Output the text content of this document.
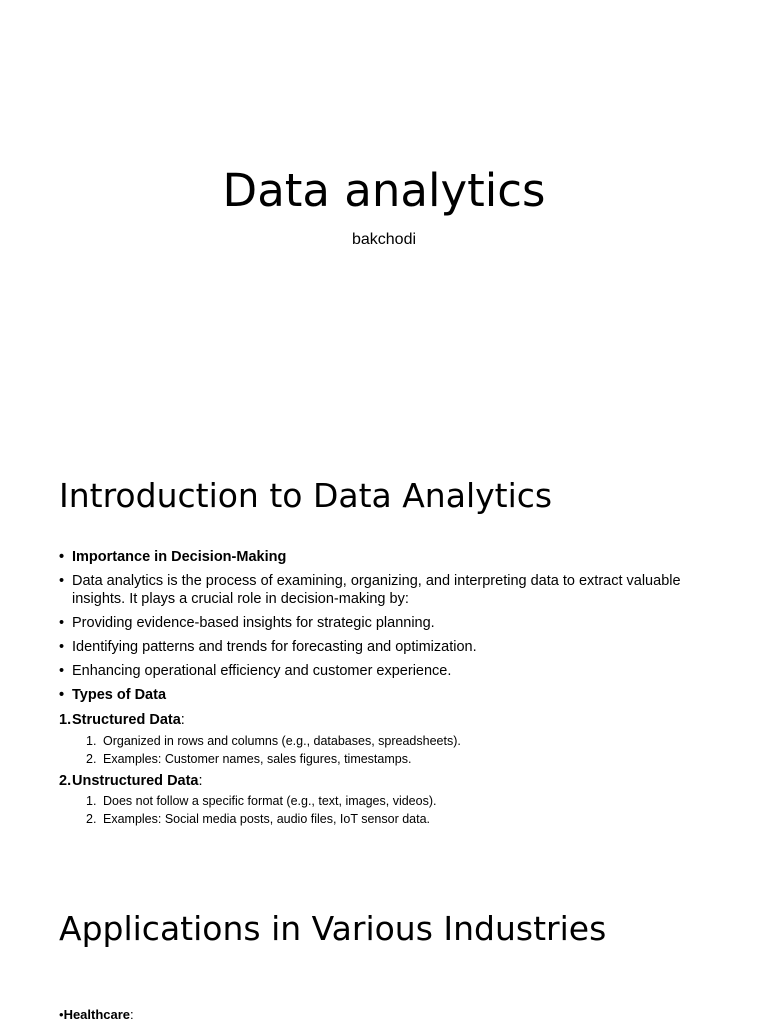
Data analytics
bakchodi
Introduction to Data Analytics
• Importance in Decision-Making
• Data analytics is the process of examining, organizing, and interpreting data to extract valuable insights. It plays a crucial role in decision-making by:
• Providing evidence-based insights for strategic planning.
• Identifying patterns and trends for forecasting and optimization.
• Enhancing operational efficiency and customer experience.
• Types of Data
1.Structured Data:
1. Organized in rows and columns (e.g., databases, spreadsheets).
2. Examples: Customer names, sales figures, timestamps.
2.Unstructured Data:
1. Does not follow a specific format (e.g., text, images, videos).
2. Examples: Social media posts, audio files, IoT sensor data.
Applications in Various Industries
•Healthcare:
